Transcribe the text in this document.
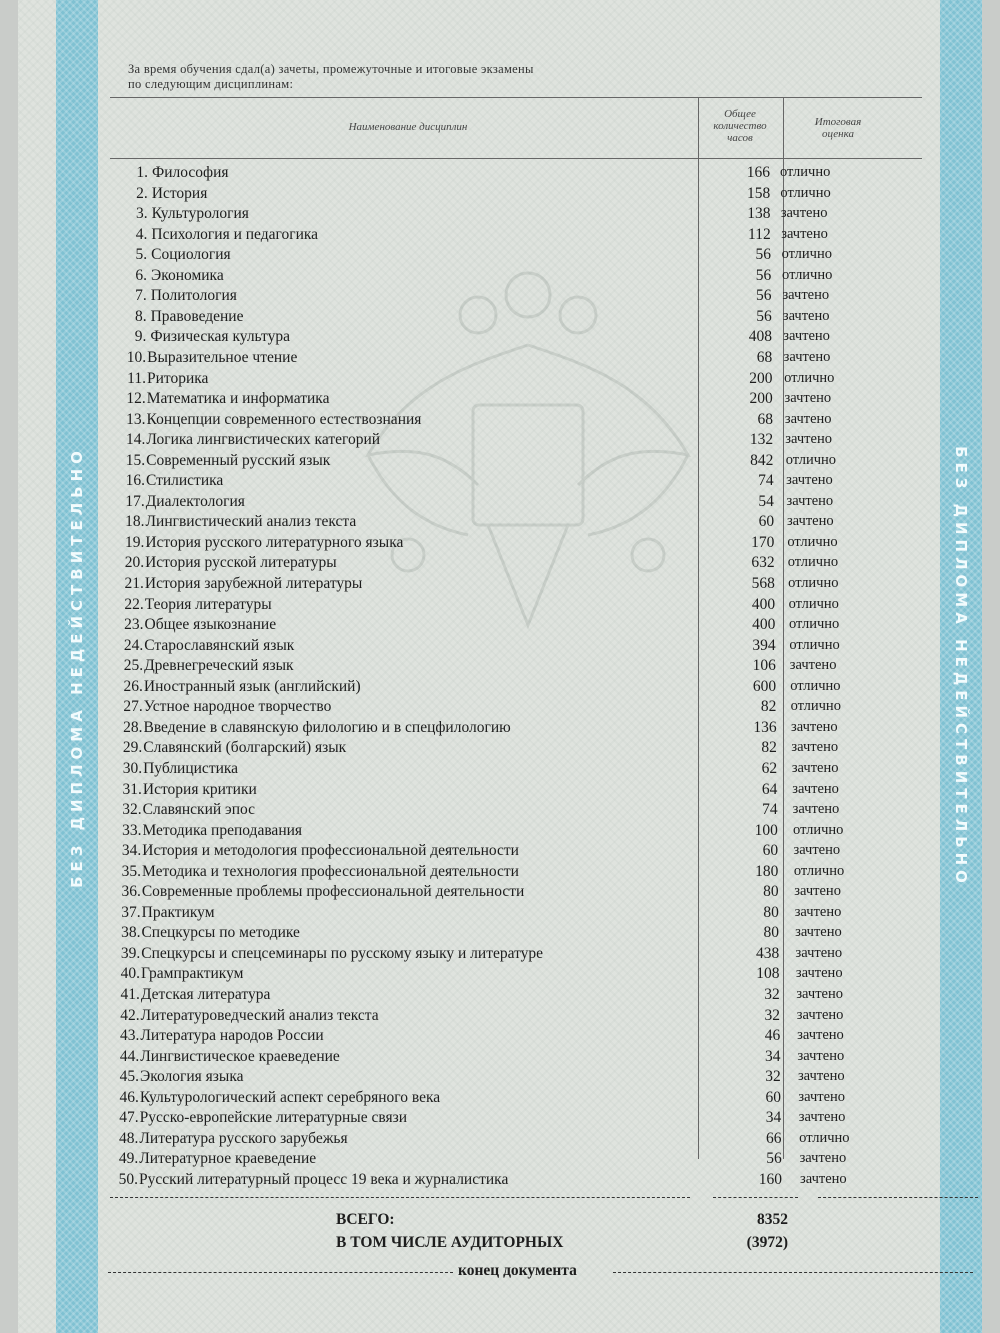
БЕЗ ДИПЛОМА НЕДЕЙСТВИТЕЛЬНО	БЕЗ ДИПЛОМА НЕДЕЙСТВИТЕЛЬНО
За время обучения сдал(а) зачеты, промежуточные и итоговые экзамены
по следующим дисциплинам:
Наименование дисциплин
Общее количество часов
Итоговая оценка
1. Философия	166 отлично
2. История	158 отлично
3. Культурология	138 зачтено
4. Психология и педагогика	112 зачтено
5. Социология	56 отлично
6. Экономика	56 отлично
7. Политология	56 зачтено
8. Правоведение	56 зачтено
9. Физическая культура	408 зачтено
10. Выразительное чтение	68 зачтено
11. Риторика	200 отлично
12. Математика и информатика	200 зачтено
13. Концепции современного естествознания	68 зачтено
14. Логика лингвистических категорий	132 зачтено
15. Современный русский язык	842 отлично
16. Стилистика	74 зачтено
17. Диалектология	54 зачтено
18. Лингвистический анализ текста	60 зачтено
19. История русского литературного языка	170 отлично
20. История русской литературы	632 отлично
21. История зарубежной литературы	568 отлично
22. Теория литературы	400 отлично
23. Общее языкознание	400 отлично
24. Старославянский язык	394 отлично
25. Древнегреческий язык	106 зачтено
26. Иностранный язык (английский)	600 отлично
27. Устное народное творчество	82 отлично
28. Введение в славянскую филологию и в спецфилологию	136 зачтено
29. Славянский (болгарский) язык	82 зачтено
30. Публицистика	62 зачтено
31. История критики	64 зачтено
32. Славянский эпос	74 зачтено
33. Методика преподавания	100 отлично
34. История и методология профессиональной деятельности	60 зачтено
35. Методика и технология профессиональной деятельности	180 отлично
36. Современные проблемы профессиональной деятельности	80 зачтено
37. Практикум	80 зачтено
38. Спецкурсы по методике	80 зачтено
39. Спецкурсы и спецсеминары по русскому языку и литературе	438 зачтено
40. Грампрактикум	108 зачтено
41. Детская литература	32 зачтено
42. Литературоведческий анализ текста	32 зачтено
43. Литература народов России	46 зачтено
44. Лингвистическое краеведение	34 зачтено
45. Экология языка	32 зачтено
46. Культурологический аспект серебряного века	60 зачтено
47. Русско-европейские литературные связи	34 зачтено
48. Литература русского зарубежья	66 отлично
49. Литературное краеведение	56 зачтено
50. Русский литературный процесс 19 века и журналистика	160 зачтено
ВСЕГО:	8352
В ТОМ ЧИСЛЕ АУДИТОРНЫХ	(3972)
конец документа
